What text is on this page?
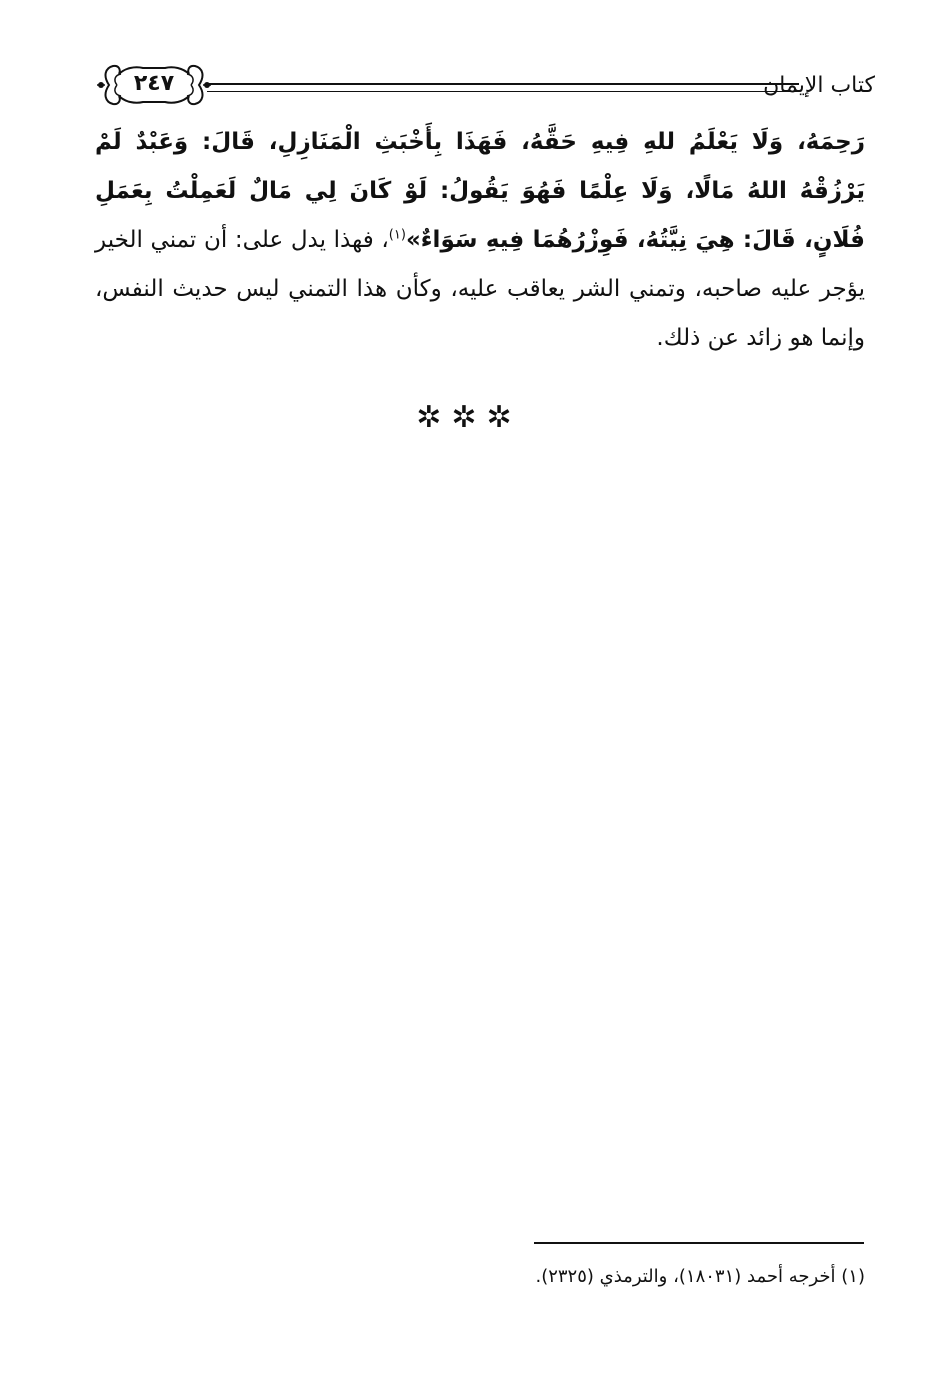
٢٤٧	كتاب الإيمان
رَحِمَهُ، وَلَا يَعْلَمُ للهِ فِيهِ حَقَّهُ، فَهَذَا بِأَخْبَثِ الْمَنَازِلِ، قَالَ: وَعَبْدٌ لَمْ يَرْزُقْهُ اللهُ مَالًا، وَلَا عِلْمًا فَهُوَ يَقُولُ: لَوْ كَانَ لِي مَالٌ لَعَمِلْتُ بِعَمَلِ فُلَانٍ، قَالَ: هِيَ نِيَّتُهُ، فَوِزْرُهُمَا فِيهِ سَوَاءٌ»$^{(١)}$، فهذا يدل على: أن تمني الخير يؤجر عليه صاحبه، وتمني الشر يعاقب عليه، وكأن هذا التمني ليس حديث النفس، وإنما هو زائد عن ذلك.
✲✲✲
(١) أخرجه أحمد (١٨٠٣١)، والترمذي (٢٣٢٥).
